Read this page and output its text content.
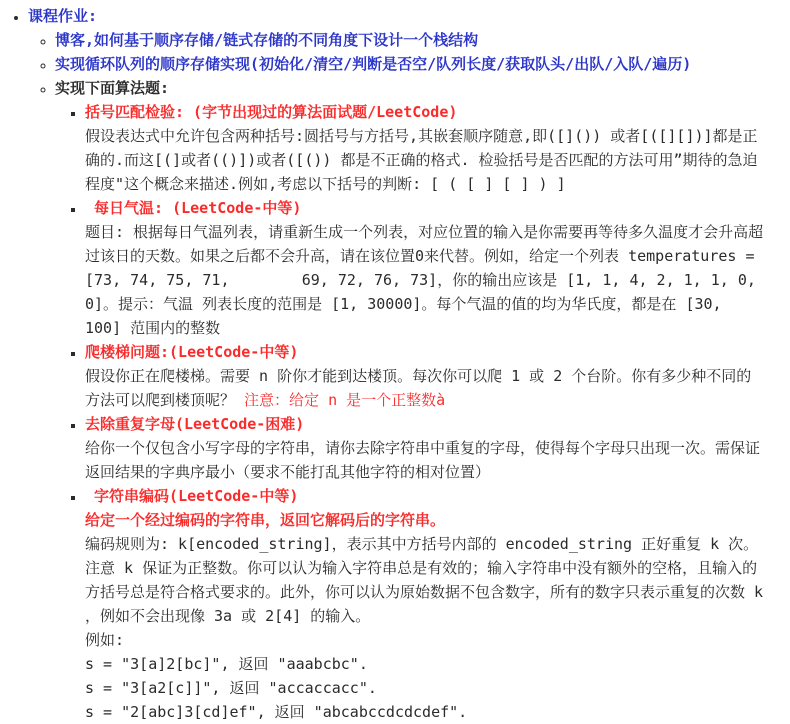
• 课程作业:

◦ 博客,如何基于顺序存储/链式存储的不同角度下设计一个栈结构

◦ 实现循环队列的顺序存储实现(初始化/清空/判断是否空/队列长度/获取队头/出队/入队/遍历)

◦ 实现下面算法题:

▪ 括号匹配检验: (字节出现过的算法面试题/LeetCode)

假设表达式中允许包含两种括号:圆括号与方括号,其嵌套顺序随意,即([]()) 或者[([][])]都是正确的.而这[(]或者(()])或者([()) 都是不正确的格式. 检验括号是否匹配的方法可用”期待的急迫程度"这个概念来描述.例如,考虑以下括号的判断: [ ( [ ] [ ] ) ]

▪  每日气温: (LeetCode-中等)

题目: 根据每日气温列表，请重新生成一个列表，对应位置的输入是你需要再等待多久温度才会升高超过该日的天数。如果之后都不会升高，请在该位置0来代替。例如，给定一个列表 temperatures = [73, 74, 75, 71,        69, 72, 76, 73]，你的输出应该是 [1, 1, 4, 2, 1, 1, 0, 0]。提示：气温 列表长度的范围是 [1, 30000]。每个气温的值的均为华氏度，都是在 [30, 100] 范围内的整数

▪ 爬楼梯问题:(LeetCode-中等)

假设你正在爬楼梯。需要 n 阶你才能到达楼顶。每次你可以爬 1 或 2 个台阶。你有多少种不同的方法可以爬到楼顶呢？ 注意：给定 n 是一个正整数à

▪ 去除重复字母(LeetCode-困难)

给你一个仅包含小写字母的字符串，请你去除字符串中重复的字母，使得每个字母只出现一次。需保证返回结果的字典序最小（要求不能打乱其他字符的相对位置）

▪  字符串编码(LeetCode-中等)

给定一个经过编码的字符串，返回它解码后的字符串。

编码规则为: k[encoded_string]，表示其中方括号内部的 encoded_string 正好重复 k 次。注意 k 保证为正整数。你可以认为输入字符串总是有效的；输入字符串中没有额外的空格，且输入的方括号总是符合格式要求的。此外，你可以认为原始数据不包含数字，所有的数字只表示重复的次数 k ，例如不会出现像 3a 或 2[4] 的输入。

例如:

s = "3[a]2[bc]", 返回 "aaabcbc".

s = "3[a2[c]]", 返回 "accaccacc".

s = "2[abc]3[cd]ef", 返回 "abcabccdcdcdef".
